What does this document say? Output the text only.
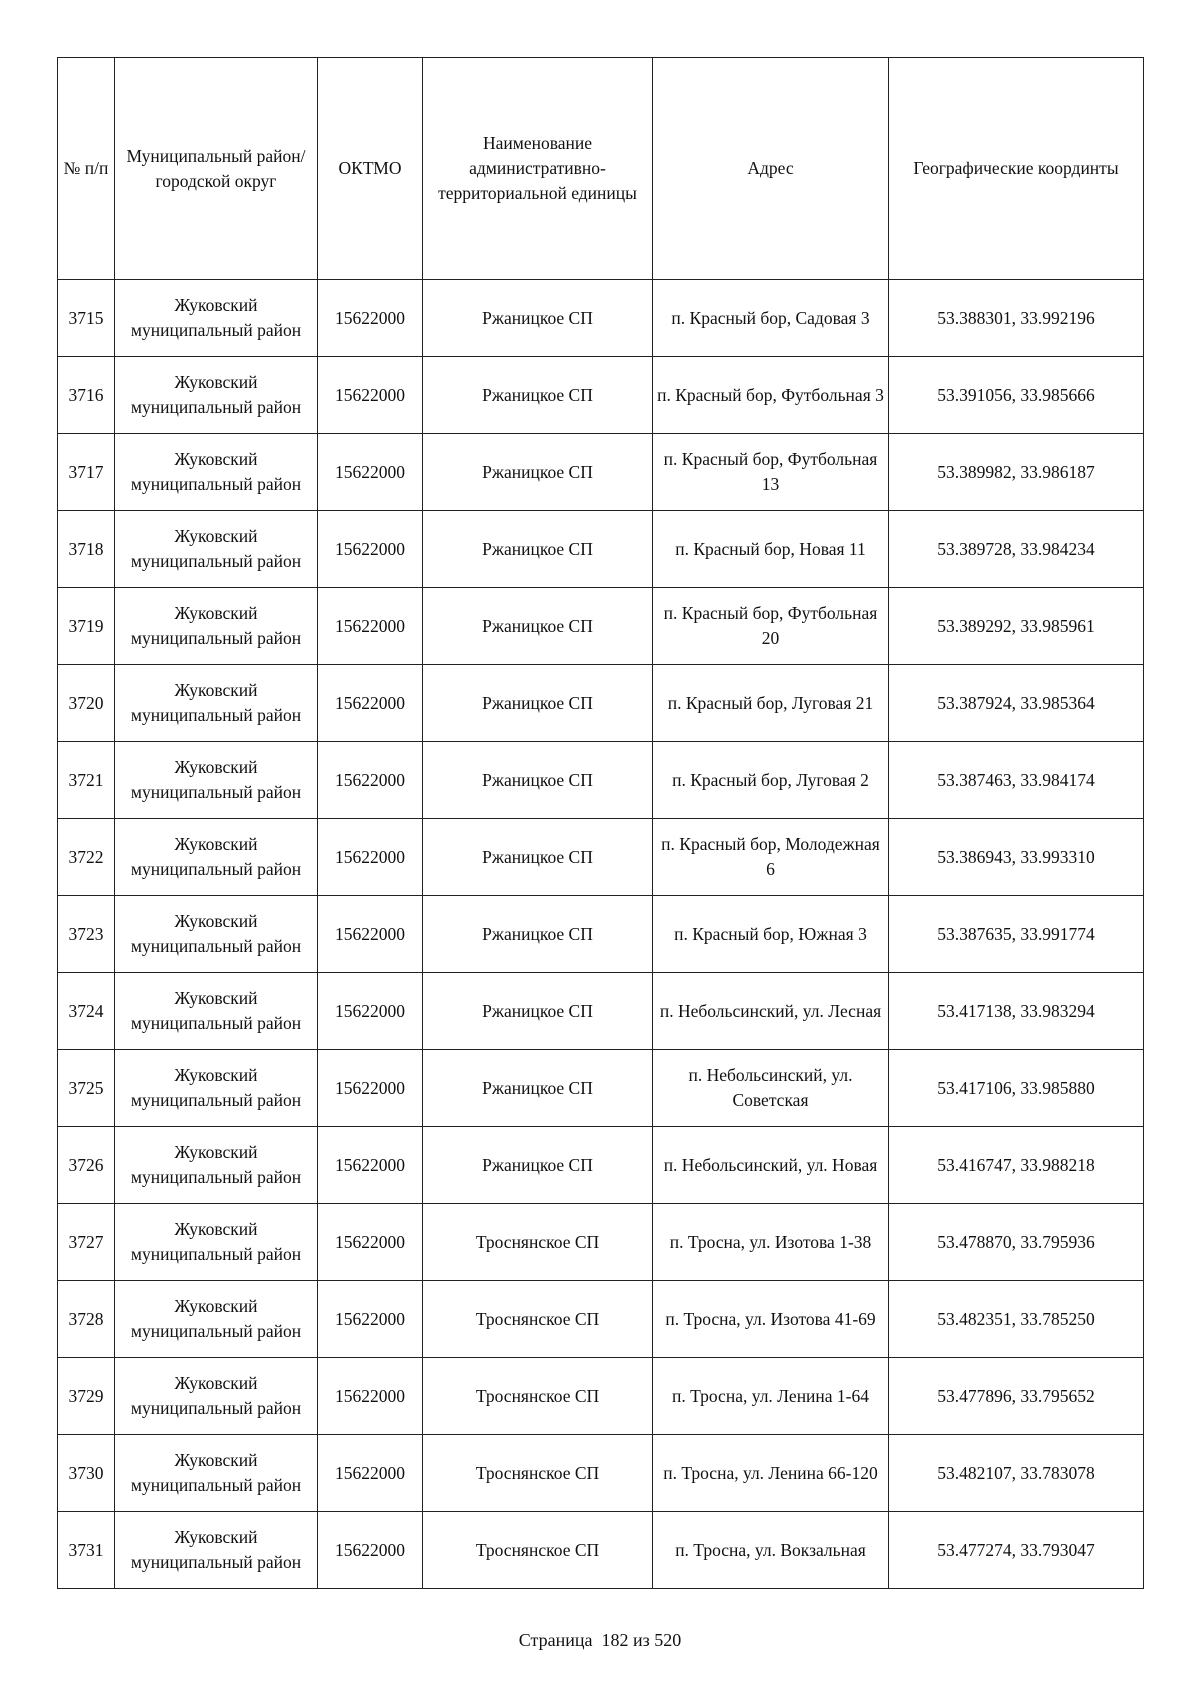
№ п/п	Муниципальный район/городской округ	ОКТМО	Наименование административно-территориальной единицы	Адрес	Географические координты
3715	Жуковский муниципальный район	15622000	Ржаницкое СП	п. Красный бор, Садовая 3	53.388301, 33.992196
3716	Жуковский муниципальный район	15622000	Ржаницкое СП	п. Красный бор, Футбольная 3	53.391056, 33.985666
3717	Жуковский муниципальный район	15622000	Ржаницкое СП	п. Красный бор, Футбольная 13	53.389982, 33.986187
3718	Жуковский муниципальный район	15622000	Ржаницкое СП	п. Красный бор, Новая 11	53.389728, 33.984234
3719	Жуковский муниципальный район	15622000	Ржаницкое СП	п. Красный бор, Футбольная 20	53.389292, 33.985961
3720	Жуковский муниципальный район	15622000	Ржаницкое СП	п. Красный бор, Луговая 21	53.387924, 33.985364
3721	Жуковский муниципальный район	15622000	Ржаницкое СП	п. Красный бор, Луговая 2	53.387463, 33.984174
3722	Жуковский муниципальный район	15622000	Ржаницкое СП	п. Красный бор, Молодежная 6	53.386943, 33.993310
3723	Жуковский муниципальный район	15622000	Ржаницкое СП	п. Красный бор, Южная 3	53.387635, 33.991774
3724	Жуковский муниципальный район	15622000	Ржаницкое СП	п. Небольсинский, ул. Лесная	53.417138, 33.983294
3725	Жуковский муниципальный район	15622000	Ржаницкое СП	п. Небольсинский, ул. Советская	53.417106, 33.985880
3726	Жуковский муниципальный район	15622000	Ржаницкое СП	п. Небольсинский, ул. Новая	53.416747, 33.988218
3727	Жуковский муниципальный район	15622000	Троснянское СП	п. Тросна, ул. Изотова 1-38	53.478870, 33.795936
3728	Жуковский муниципальный район	15622000	Троснянское СП	п. Тросна, ул. Изотова 41-69	53.482351, 33.785250
3729	Жуковский муниципальный район	15622000	Троснянское СП	п. Тросна, ул. Ленина 1-64	53.477896, 33.795652
3730	Жуковский муниципальный район	15622000	Троснянское СП	п. Тросна, ул. Ленина 66-120	53.482107, 33.783078
3731	Жуковский муниципальный район	15622000	Троснянское СП	п. Тросна, ул. Вокзальная	53.477274, 33.793047
Страница 182 из 520
